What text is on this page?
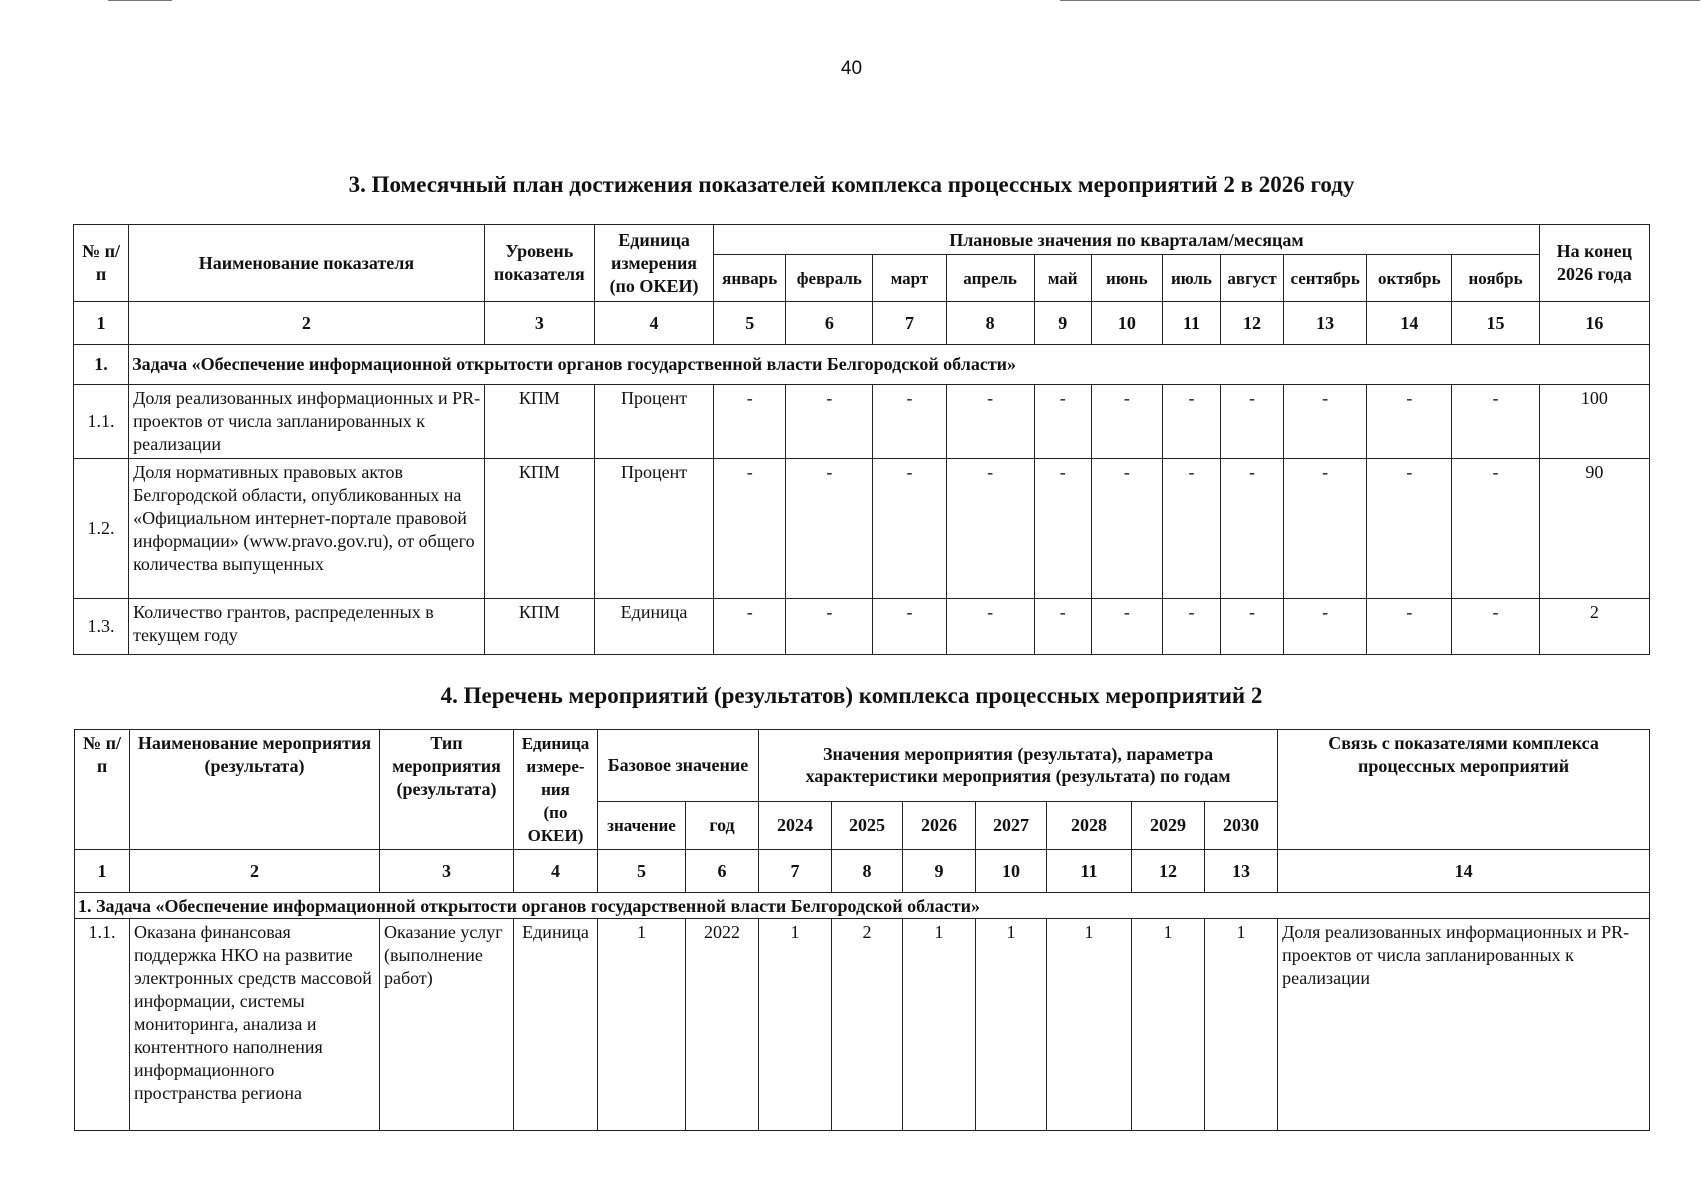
40
3. Помесячный план достижения показателей комплекса процессных мероприятий 2 в 2026 году
№ п/п	Наименование показателя	Уровень показателя	Единица измерения (по ОКЕИ)	Плановые значения по кварталам/месяцам											На конец 2026 года
				январь	февраль	март	апрель	май	июнь	июль	август	сентябрь	октябрь	ноябрь	
1	2	3	4	5	6	7	8	9	10	11	12	13	14	15	16
1.	Задача «Обеспечение информационной открытости органов государственной власти Белгородской области»														
1.1.	Доля реализованных информационных и PR-проектов от числа запланированных к реализации	КПМ	Процент	-	-	-	-	-	-	-	-	-	-	-	100
1.2.	Доля нормативных правовых актов Белгородской области, опубликованных на «Официальном интернет-портале правовой информации» (www.pravo.gov.ru), от общего количества выпущенных	КПМ	Процент	-	-	-	-	-	-	-	-	-	-	-	90
1.3.	Количество грантов, распределенных в текущем году	КПМ	Единица	-	-	-	-	-	-	-	-	-	-	-	2
4. Перечень мероприятий (результатов) комплекса процессных мероприятий 2
№ п/п	Наименование мероприятия (результата)	Тип мероприятия (результата)	Единица измере-
ния
(по ОКЕИ)	Базовое значение		Значения мероприятия (результата), параметра характеристики мероприятия (результата) по годам							Связь с показателями комплекса процессных мероприятий
				значение	год	2024	2025	2026	2027	2028	2029	2030	
1	2	3	4	5	6	7	8	9	10	11	12	13	14
1. Задача «Обеспечение информационной открытости органов государственной власти Белгородской области»													
1.1.	Оказана финансовая поддержка НКО на развитие электронных средств массовой информации, системы мониторинга, анализа и контентного наполнения информационного пространства региона	Оказание услуг (выполнение работ)	Единица	1	2022	1	2	1	1	1	1	1	Доля реализованных информационных и PR-проектов от числа запланированных к реализации
